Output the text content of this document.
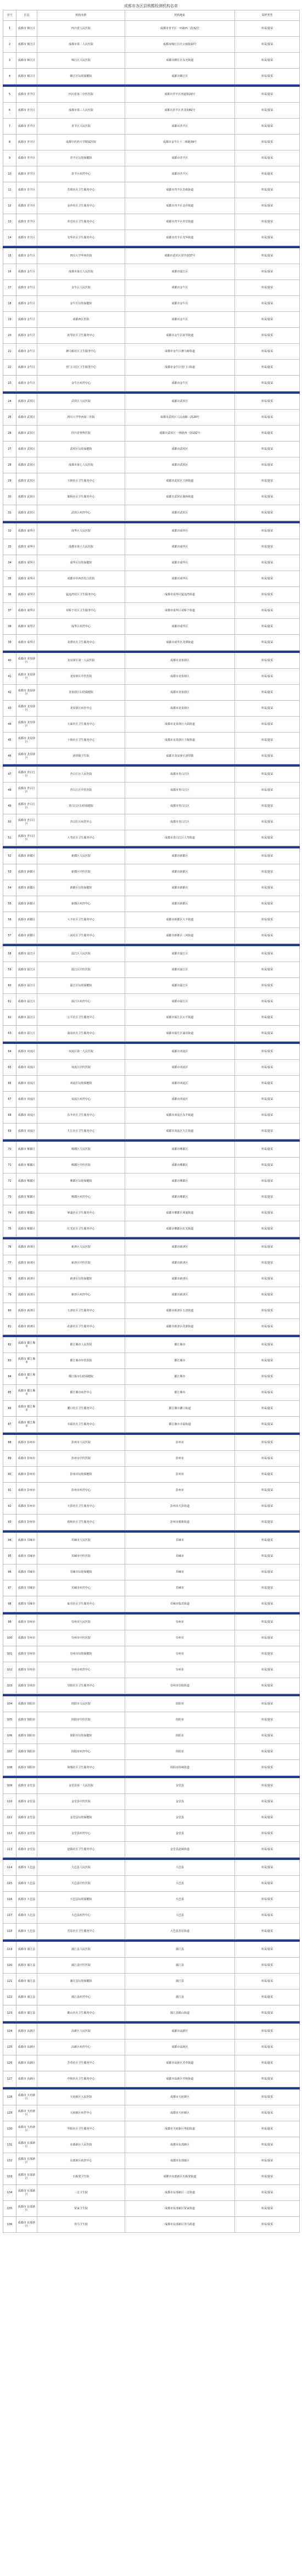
成都市各区县核酸检测机构名单
序号	区县	机构名称	机构地址	采样类型
1	成都市 锦江区	四川省人民医院	成都市青羊区一环路西二段32号	单采/混采
2	成都市 锦江区	成都市第二人民医院	成都市锦江区庆云南街10号	单采/混采
3	成都市 锦江区	锦江区人民医院	成都市锦江区东光街道	单采/混采
4	成都市 锦江区	锦江区妇幼保健院	成都市锦江区	单采/混采

5	成都市 青羊区	四川省第二中医医院	成都市青羊区四道街20号	单采/混采
6	成都市 青羊区	成都市第三人民医院	成都市青羊区青龙街82号	单采/混采
7	成都市 青羊区	青羊区人民医院	成都市青羊区	单采/混采
8	成都市 青羊区	成都中医药大学附属医院	成都市金牛区十二桥路39号	单采/混采
9	成都市 青羊区	青羊区妇幼保健院	成都市青羊区	单采/混采
10	成都市 青羊区	青羊区疾控中心	成都市青羊区	单采/混采
11	成都市 青羊区	苏坡社区卫生服务中心	成都市青羊区苏坡街道	单采/混采
12	成都市 青羊区	金沙社区卫生服务中心	成都市青羊区金沙街道	单采/混采
13	成都市 青羊区	草堂社区卫生服务中心	成都市青羊区草堂街道	单采/混采
14	成都市 青羊区	光华社区卫生服务中心	成都市青羊区光华街道	单采/混采

15	成都市 金牛区	四川大学华西医院	成都市武侯区国学巷37号	单采/混采
16	成都市 金牛区	成都市第五人民医院	成都市温江区	单采/混采
17	成都市 金牛区	金牛区人民医院	成都市金牛区	单采/混采
18	成都市 金牛区	金牛区妇幼保健院	成都市金牛区	单采/混采
19	成都市 金牛区	成都西区医院	成都市金牛区	单采/混采
20	成都市 金牛区	抚琴社区卫生服务中心	成都市金牛区抚琴街道	单采/混采
21	成都市 金牛区	驷马桥社区卫生服务中心	成都市金牛区驷马桥街道	单采/混采
22	成都市 金牛区	营门口社区卫生服务中心	成都市金牛区营门口街道	单采/混采
23	成都市 金牛区	金牛区疾控中心	成都市金牛区	单采/混采

24	成都市 武侯区	武侯区人民医院	成都市武侯区	单采/混采
25	成都市 武侯区	四川大学华西第二医院	成都市武侯区人民南路三段20号	单采/混采
26	成都市 武侯区	四川省骨科医院	成都市武侯区一环路西一段132号	单采/混采
27	成都市 武侯区	武侯区妇幼保健院	成都市武侯区	单采/混采
28	成都市 武侯区	成都市第七人民医院	成都市武侯区	单采/混采
29	成都市 武侯区	玉林社区卫生服务中心	成都市武侯区玉林街道	单采/混采
30	成都市 武侯区	簇桥社区卫生服务中心	成都市武侯区簇桥街道	单采/混采
31	成都市 武侯区	武侯区疾控中心	成都市武侯区	单采/混采

32	成都市 成华区	成华区人民医院	成都市成华区	单采/混采
33	成都市 成华区	成都市第六人民医院	成都市成华区	单采/混采
34	成都市 成华区	成华区妇幼保健院	成都市成华区	单采/混采
35	成都市 成华区	成都市中西医结合医院	成都市成华区	单采/混采
36	成都市 成华区	猛追湾社区卫生服务中心	成都市成华区猛追湾街道	单采/混采
37	成都市 成华区	双桥子社区卫生服务中心	成都市成华区双桥子街道	单采/混采
38	成都市 成华区	成华区疾控中心	成都市成华区	单采/混采
39	成都市 成华区	龙潭社区卫生服务中心	成都市成华区龙潭街道	单采/混采

40	成都市 龙泉驿区	龙泉驿区第一人民医院	成都市龙泉驿区	单采/混采
41	成都市 龙泉驿区	龙泉驿区中医医院	成都市龙泉驿区	单采/混采
42	成都市 龙泉驿区	龙泉驿区妇幼保健院	成都市龙泉驿区	单采/混采
43	成都市 龙泉驿区	龙泉驿区疾控中心	成都市龙泉驿区	单采/混采
44	成都市 龙泉驿区	大面社区卫生服务中心	成都市龙泉驿区大面街道	单采/混采
45	成都市 龙泉驿区	十陵社区卫生服务中心	成都市龙泉驿区十陵街道	单采/混采
46	成都市 龙泉驿区	洛带镇卫生院	成都市龙泉驿区洛带镇	单采/混采

47	成都市 青白江区	青白江区人民医院	成都市青白江区	单采/混采
48	成都市 青白江区	青白江区中医医院	成都市青白江区	单采/混采
49	成都市 青白江区	青白江区妇幼保健院	成都市青白江区	单采/混采
50	成都市 青白江区	青白江区疾控中心	成都市青白江区	单采/混采
51	成都市 青白江区	大弯社区卫生服务中心	成都市青白江区大弯街道	单采/混采

52	成都市 新都区	新都区人民医院	成都市新都区	单采/混采
53	成都市 新都区	新都区中医医院	成都市新都区	单采/混采
54	成都市 新都区	新都区妇幼保健院	成都市新都区	单采/混采
55	成都市 新都区	新都区疾控中心	成都市新都区	单采/混采
56	成都市 新都区	大丰社区卫生服务中心	成都市新都区大丰街道	单采/混采
57	成都市 新都区	三河社区卫生服务中心	成都市新都区三河街道	单采/混采

58	成都市 温江区	温江区人民医院	成都市温江区	单采/混采
59	成都市 温江区	温江区中医医院	成都市温江区	单采/混采
60	成都市 温江区	温江区妇幼保健院	成都市温江区	单采/混采
61	成都市 温江区	温江区疾控中心	成都市温江区	单采/混采
62	成都市 温江区	公平社区卫生服务中心	成都市温江区公平街道	单采/混采
63	成都市 温江区	涌泉社区卫生服务中心	成都市温江区涌泉街道	单采/混采

64	成都市 双流区	双流区第一人民医院	成都市双流区	单采/混采
65	成都市 双流区	双流区中医医院	成都市双流区	单采/混采
66	成都市 双流区	双流区妇幼保健院	成都市双流区	单采/混采
67	成都市 双流区	双流区疾控中心	成都市双流区	单采/混采
68	成都市 双流区	东升社区卫生服务中心	成都市双流区东升街道	单采/混采
69	成都市 双流区	九江社区卫生服务中心	成都市双流区九江街道	单采/混采

70	成都市 郫都区	郫都区人民医院	成都市郫都区	单采/混采
71	成都市 郫都区	郫都区中医医院	成都市郫都区	单采/混采
72	成都市 郫都区	郫都区妇幼保健院	成都市郫都区	单采/混采
73	成都市 郫都区	郫都区疾控中心	成都市郫都区	单采/混采
74	成都市 郫都区	犀浦社区卫生服务中心	成都市郫都区犀浦街道	单采/混采
75	成都市 郫都区	红光社区卫生服务中心	成都市郫都区红光街道	单采/混采

76	成都市 新津区	新津区人民医院	成都市新津区	单采/混采
77	成都市 新津区	新津区中医医院	成都市新津区	单采/混采
78	成都市 新津区	新津区妇幼保健院	成都市新津区	单采/混采
79	成都市 新津区	新津区疾控中心	成都市新津区	单采/混采
80	成都市 新津区	五津社区卫生服务中心	成都市新津区五津街道	单采/混采
81	成都市 新津区	花源社区卫生服务中心	成都市新津区花源街道	单采/混采

82	成都市 都江堰市	都江堰市人民医院	都江堰市	单采/混采
83	成都市 都江堰市	都江堰市中医医院	都江堰市	单采/混采
84	成都市 都江堰市	都江堰市妇幼保健院	都江堰市	单采/混采
85	成都市 都江堰市	都江堰市疾控中心	都江堰市	单采/混采
86	成都市 都江堰市	灌口社区卫生服务中心	都江堰市灌口街道	单采/混采
87	成都市 都江堰市	幸福社区卫生服务中心	都江堰市幸福街道	单采/混采

88	成都市 彭州市	彭州市人民医院	彭州市	单采/混采
89	成都市 彭州市	彭州市中医医院	彭州市	单采/混采
90	成都市 彭州市	彭州市妇幼保健院	彭州市	单采/混采
91	成都市 彭州市	彭州市疾控中心	彭州市	单采/混采
92	成都市 彭州市	天彭社区卫生服务中心	彭州市天彭街道	单采/混采
93	成都市 彭州市	致和社区卫生服务中心	彭州市致和街道	单采/混采

94	成都市 邛崃市	邛崃市人民医院	邛崃市	单采/混采
95	成都市 邛崃市	邛崃市中医医院	邛崃市	单采/混采
96	成都市 邛崃市	邛崃市妇幼保健院	邛崃市	单采/混采
97	成都市 邛崃市	邛崃市疾控中心	邛崃市	单采/混采
98	成都市 邛崃市	临邛社区卫生服务中心	邛崃市临邛街道	单采/混采

99	成都市 崇州市	崇州市人民医院	崇州市	单采/混采
100	成都市 崇州市	崇州市中医医院	崇州市	单采/混采
101	成都市 崇州市	崇州市妇幼保健院	崇州市	单采/混采
102	成都市 崇州市	崇州市疾控中心	崇州市	单采/混采
103	成都市 崇州市	崇阳社区卫生服务中心	崇州市崇阳街道	单采/混采

104	成都市 简阳市	简阳市人民医院	简阳市	单采/混采
105	成都市 简阳市	简阳市中医医院	简阳市	单采/混采
106	成都市 简阳市	简阳市妇幼保健院	简阳市	单采/混采
107	成都市 简阳市	简阳市疾控中心	简阳市	单采/混采
108	成都市 简阳市	简城社区卫生服务中心	简阳市简城街道	单采/混采

109	成都市 金堂县	金堂县第一人民医院	金堂县	单采/混采
110	成都市 金堂县	金堂县中医医院	金堂县	单采/混采
111	成都市 金堂县	金堂县妇幼保健院	金堂县	单采/混采
112	成都市 金堂县	金堂县疾控中心	金堂县	单采/混采
113	成都市 金堂县	赵镇社区卫生服务中心	金堂县赵镇街道	单采/混采

114	成都市 大邑县	大邑县人民医院	大邑县	单采/混采
115	成都市 大邑县	大邑县中医医院	大邑县	单采/混采
116	成都市 大邑县	大邑县妇幼保健院	大邑县	单采/混采
117	成都市 大邑县	大邑县疾控中心	大邑县	单采/混采
118	成都市 大邑县	晋原社区卫生服务中心	大邑县晋原街道	单采/混采

119	成都市 蒲江县	蒲江县人民医院	蒲江县	单采/混采
120	成都市 蒲江县	蒲江县中医医院	蒲江县	单采/混采
121	成都市 蒲江县	蒲江县妇幼保健院	蒲江县	单采/混采
122	成都市 蒲江县	蒲江县疾控中心	蒲江县	单采/混采
123	成都市 蒲江县	鹤山社区卫生服务中心	蒲江县鹤山街道	单采/混采

124	成都市 高新区	高新区人民医院	成都市高新区	单采/混采
125	成都市 高新区	高新区疾控中心	成都市高新区	单采/混采
126	成都市 高新区	芳草社区卫生服务中心	成都市高新区芳草街道	单采/混采
127	成都市 高新区	中和社区卫生服务中心	成都市高新区中和街道	单采/混采

128	成都市 天府新区	天府新区人民医院	成都市天府新区	单采/混采
129	成都市 天府新区	天府新区疾控中心	成都市天府新区	单采/混采
130	成都市 天府新区	华阳社区卫生服务中心	成都市天府新区华阳街道	单采/混采
131	成都市 东部新区	东部新区人民医院	成都市东部新区	单采/混采
132	成都市 东部新区	东部新区疾控中心	成都市东部新区	单采/混采
133	成都市 东部新区	石板凳卫生院	成都市东部新区石板凳街道	单采/混采
134	成都市 东部新区	三岔卫生院	成都市东部新区三岔街道	单采/混采
135	成都市 东部新区	贾家卫生院	成都市东部新区贾家街道	单采/混采
136	成都市 东部新区	养马卫生院	成都市东部新区养马街道	单采/混采
